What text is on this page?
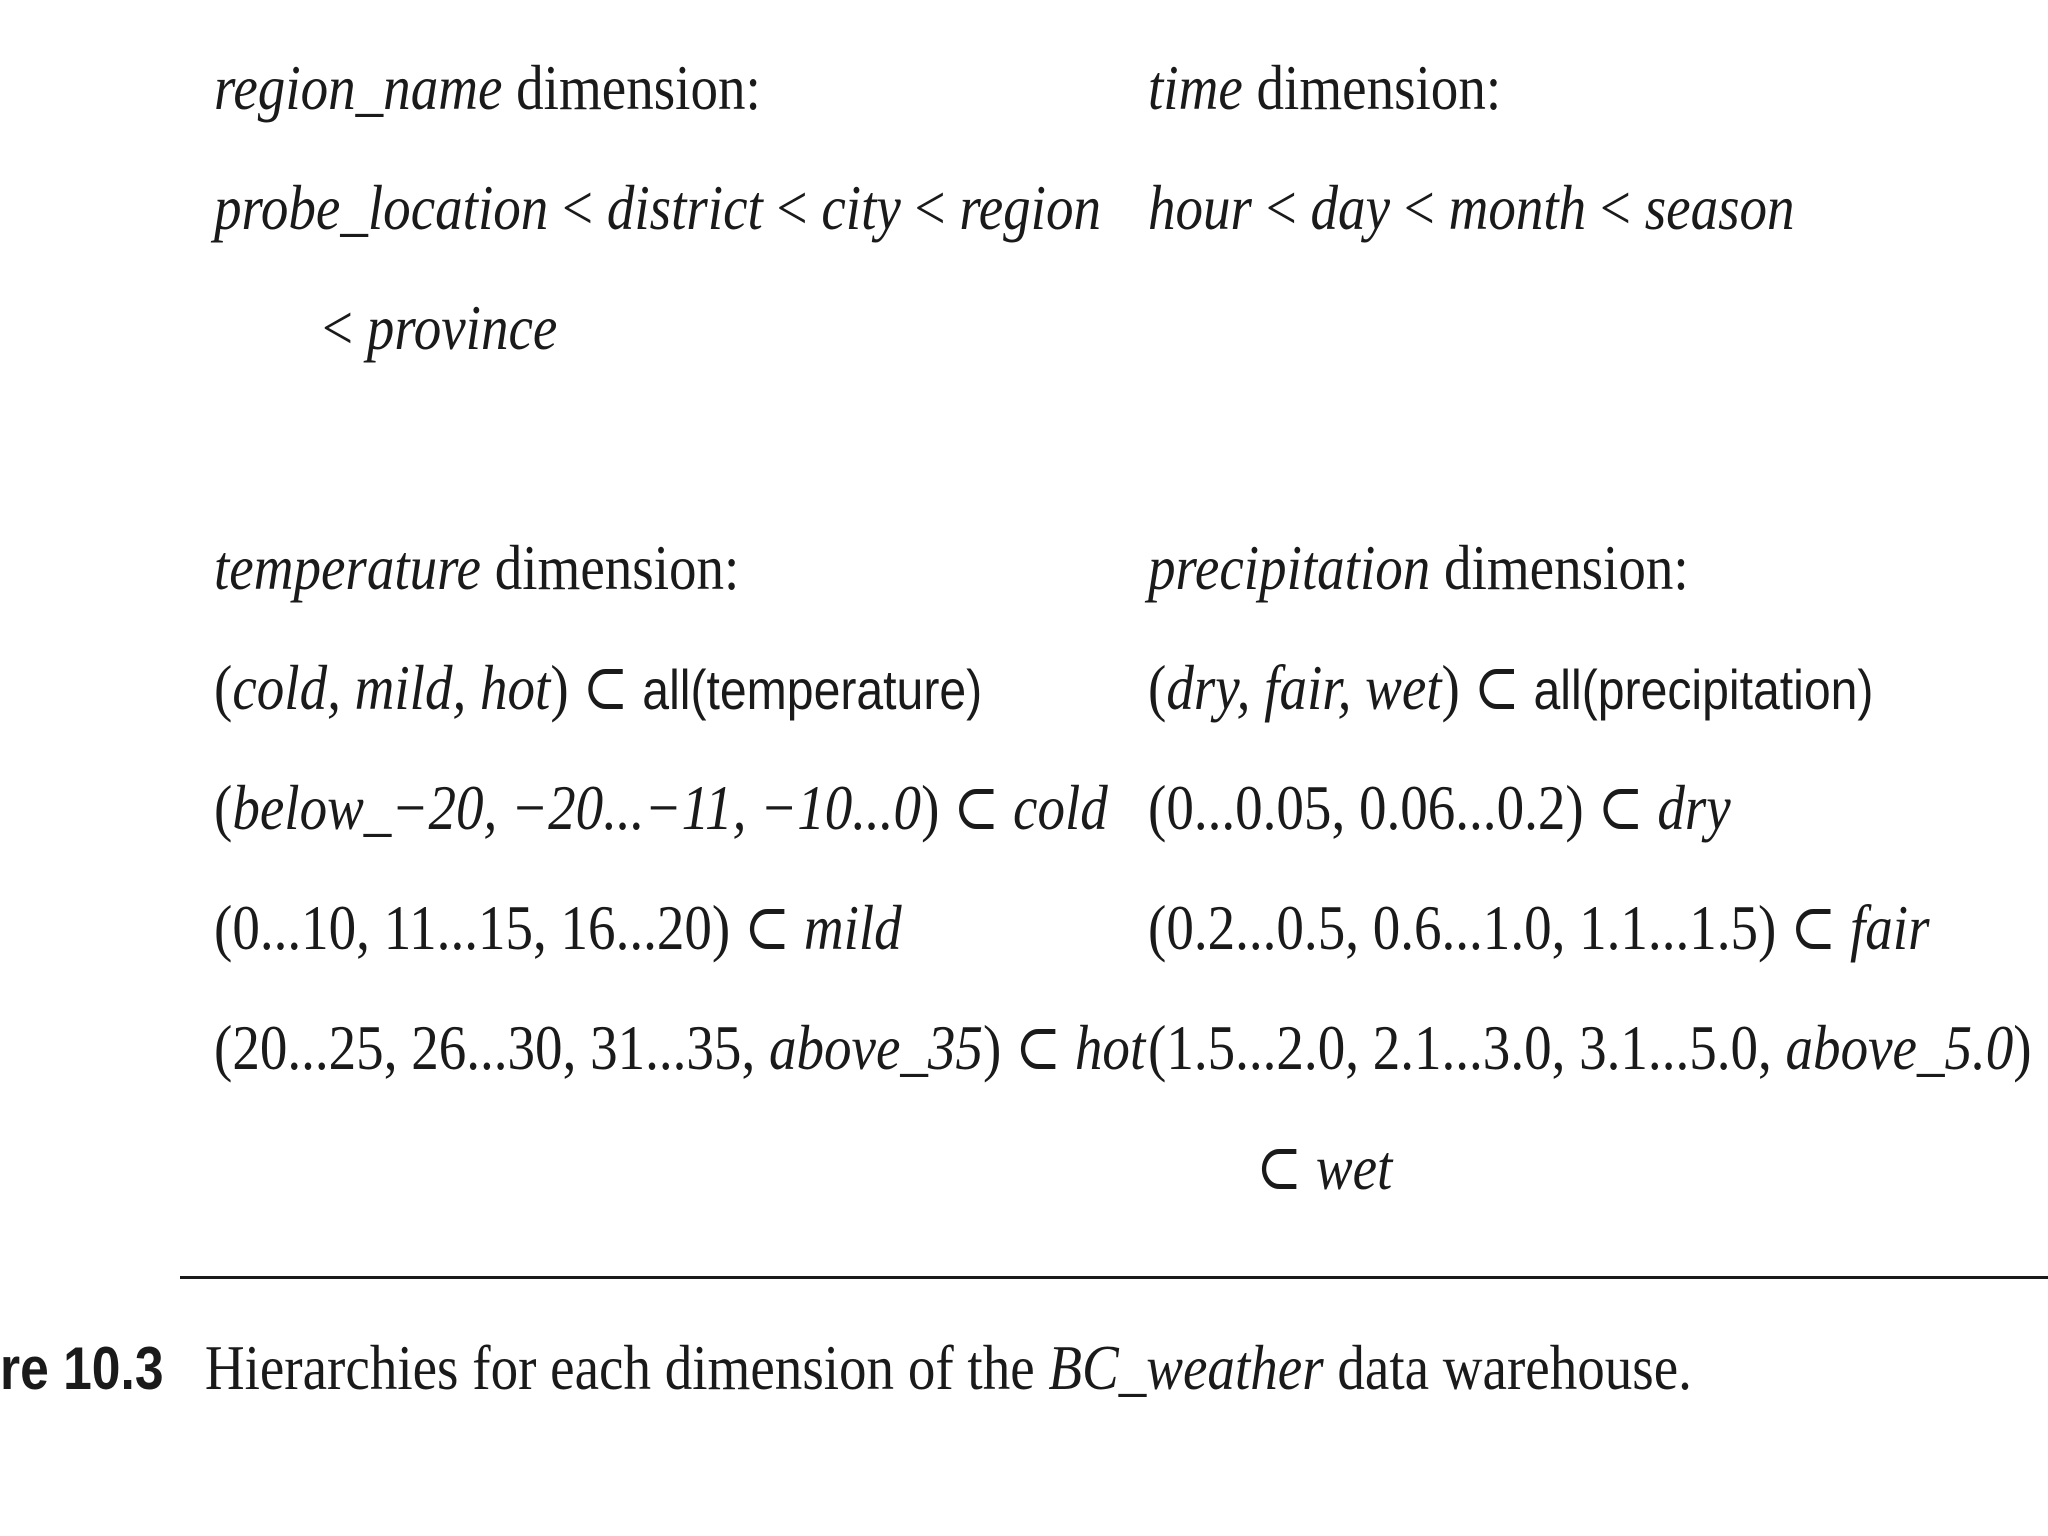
region_name dimension:
probe_location < district < city < region
< province
time dimension:
hour < day < month < season
temperature dimension:
(cold, mild, hot) ⊂ all(temperature)
(below_−20, −20...−11, −10...0) ⊂ cold
(0...10, 11...15, 16...20) ⊂ mild
(20...25, 26...30, 31...35, above_35) ⊂ hot
precipitation dimension:
(dry, fair, wet) ⊂ all(precipitation)
(0...0.05, 0.06...0.2) ⊂ dry
(0.2...0.5, 0.6...1.0, 1.1...1.5) ⊂ fair
(1.5...2.0, 2.1...3.0, 3.1...5.0, above_5.0)
⊂ wet
re 10.3 Hierarchies for each dimension of the BC_weather data warehouse.
